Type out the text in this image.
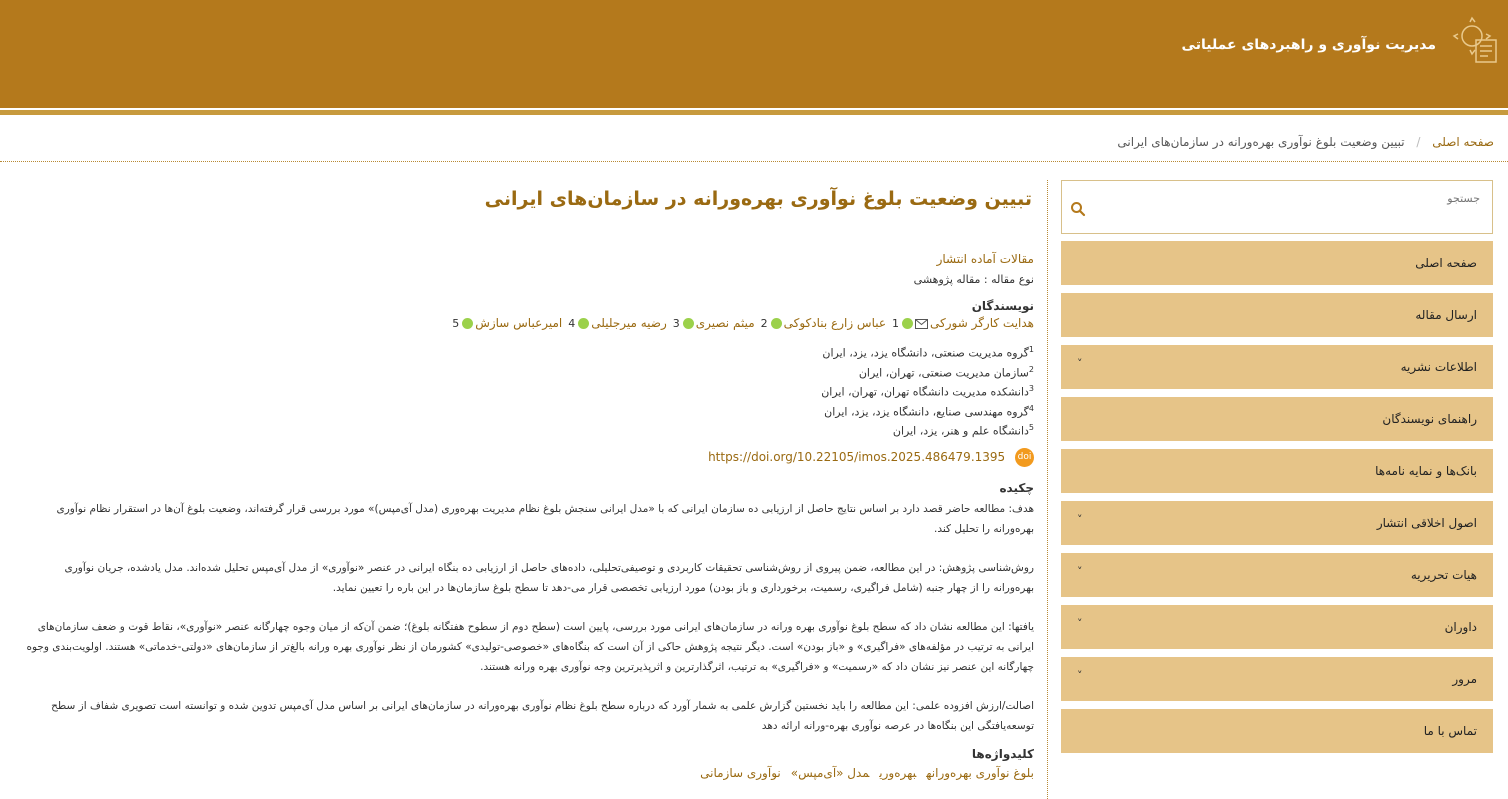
مدیریت نوآوری و راهبردهای عملیاتی
صفحه اصلی / تبیین وضعیت بلوغ نوآوری بهره‌ورانه در سازمان‌های ایرانی
جستجو
صفحه اصلی
ارسال مقاله
اطلاعات نشریه
˅
راهنمای نویسندگان
بانک‌ها و نمایه نامه‌ها
اصول اخلاقی انتشار
˅
هیات تحریریه
˅
داوران
˅
مرور
˅
تماس با ما
تبیین وضعیت بلوغ نوآوری بهره‌ورانه در سازمان‌های ایرانی
مقالات آماده انتشار
نوع مقاله : مقاله پژوهشی
نویسندگان
هدایت کارگر شورکی1عباس زارع بنادکوکی2میثم نصیری3رضیه میرجلیلی4امیرعباس سازش5
$^1$گروه مدیریت صنعتی، دانشگاه یزد، یزد، ایران
$^2$سازمان مدیریت صنعتی، تهران، ایران
$^3$دانشکده مدیریت دانشگاه تهران، تهران، ایران
$^4$گروه مهندسی صنایع، دانشگاه یزد، یزد، ایران
$^5$دانشگاه علم و هنر، یزد، ایران
doi https://doi.org/10.22105/imos.2025.486479.1395
چکیده
هدف: مطالعه حاضر قصد دارد بر اساس نتایج حاصل از ارزیابی ده سازمان ایرانی که با «مدل ایرانی سنجش بلوغ نظام مدیریت بهره‌وری (مدل آی‌مپس)» مورد بررسی قرار گرفته‌اند، وضعیت بلوغ آن‌ها در استقرار نظام نوآوری بهره‌ورانه را تحلیل کند.
روش‌شناسی پژوهش: در این مطالعه، ضمن پیروی از روش‌شناسی تحقیقات کاربردی و توصیفی‌تحلیلی، داده‌های حاصل از ارزیابی ده بنگاه ایرانی در عنصر «نوآوری» از مدل آی‌مپس تحلیل شده‌اند. مدل یادشده، جریان نوآوری بهره‌ورانه را از چهار جنبه (شامل فراگیری، رسمیت، برخورداری و باز بودن) مورد ارزیابی تخصصی قرار می-دهد تا سطح بلوغ سازمان‌ها در این باره را تعیین نماید.
یافتها: این مطالعه نشان داد که سطح بلوغ نوآوری بهره ورانه در سازمان‌های ایرانی مورد بررسی، پایین است (سطح دوم از سطوح هفتگانه بلوغ)؛ ضمن آن‌که از میان وجوه چهارگانه عنصر «نوآوری»، نقاط قوت و ضعف سازمان‌های ایرانی به ترتیب در مؤلفه‌های «فراگیری» و «باز بودن» است. دیگر نتیجه پژوهش حاکی از آن است که بنگاه‌های «خصوصی-تولیدی» کشورمان از نظر نوآوری بهره ورانه بالغ‌تر از سازمان‌های «دولتی-خدماتی» هستند. اولویت‌بندی وجوه چهارگانه این عنصر نیز نشان داد که «رسمیت» و «فراگیری» به ترتیب، اثرگذارترین و اثرپذیرترین وجه نوآوری بهره ورانه هستند.
اصالت/ارزش افزوده علمی: این مطالعه را باید نخستین گزارش علمی به شمار آورد که درباره سطح بلوغ نظام نوآوری بهره‌ورانه در سازمان‌های ایرانی بر اساس مدل آی‌مپس تدوین شده و توانسته است تصویری شفاف از سطح توسعه‌یافتگی این بنگاه‌ها در عرصه نوآوری بهره-ورانه ارائه دهد
کلیدواژه‌ها
بلوغ نوآوری بهره‌ورانهبهره‌وریمدل «آی‌مپس»نوآوری سازمانی
